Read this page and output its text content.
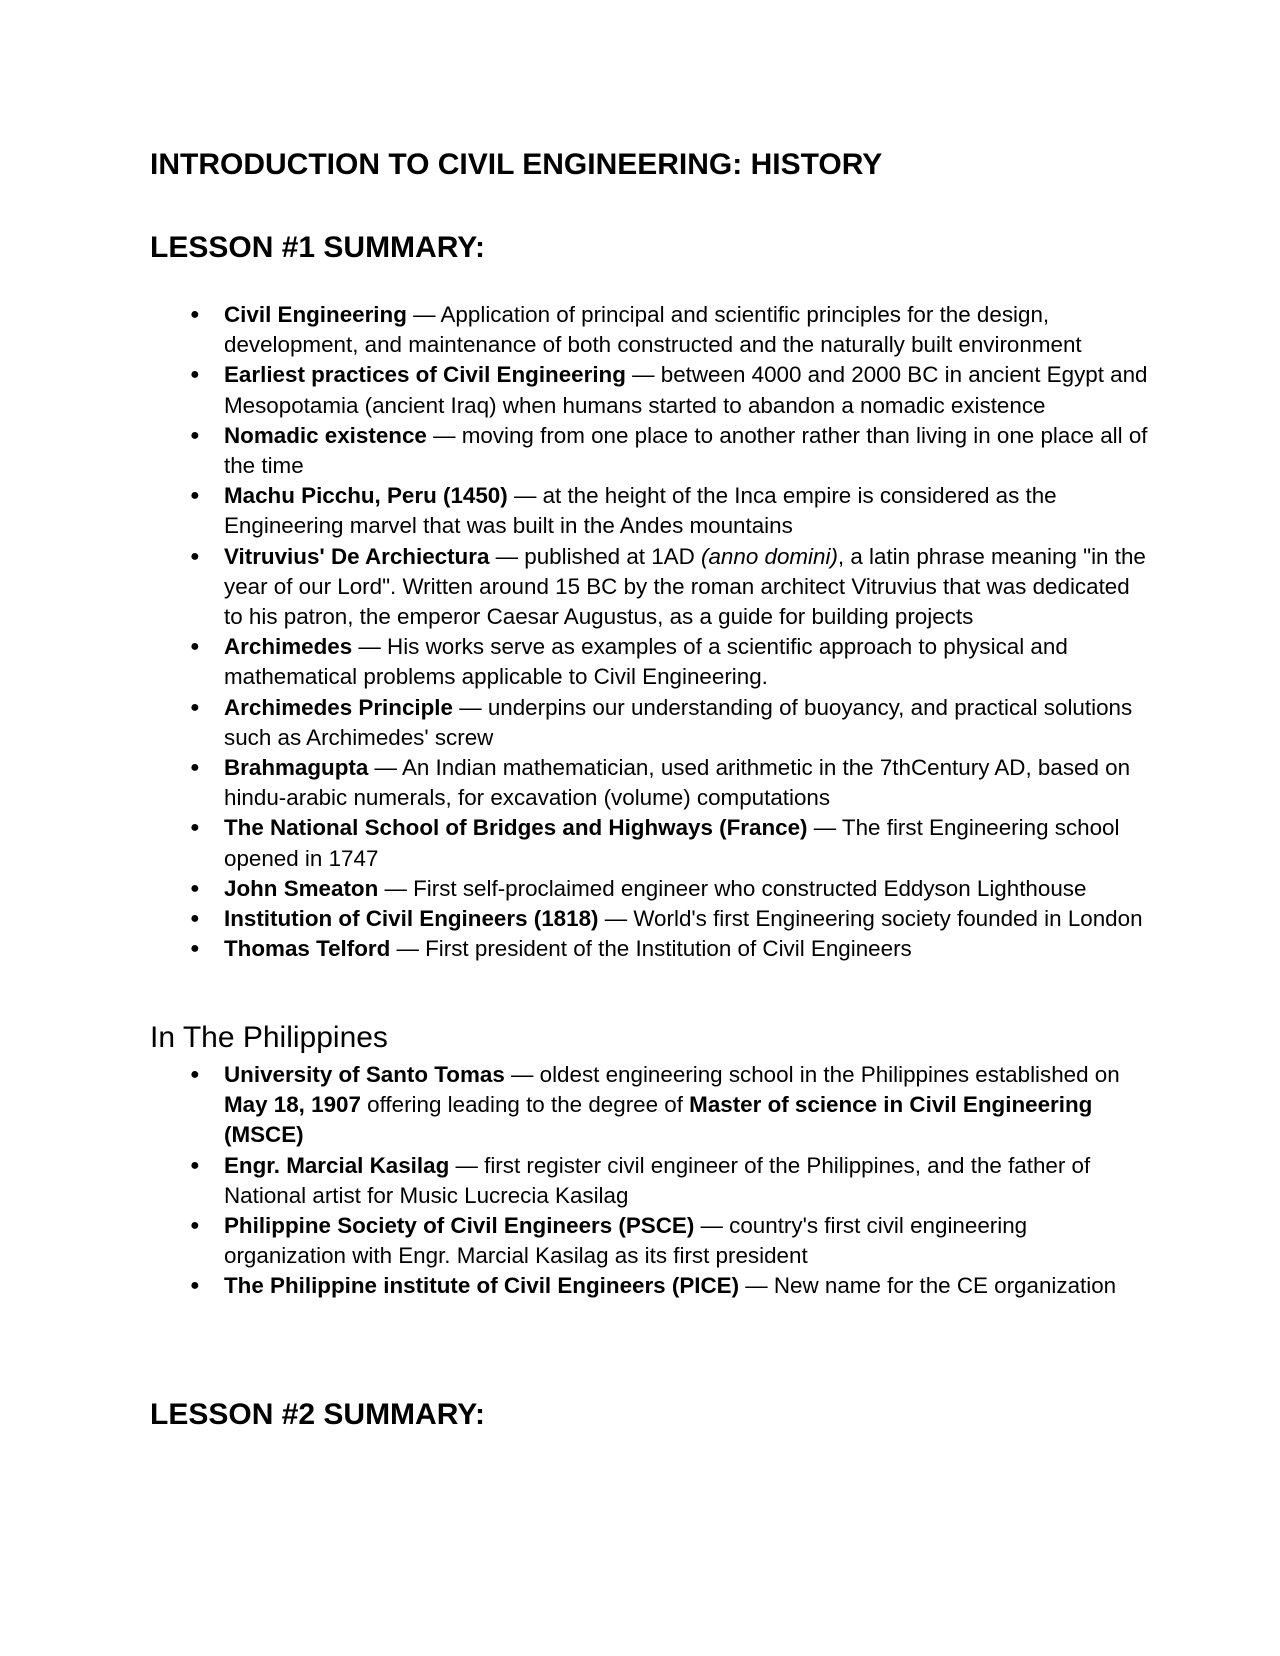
INTRODUCTION TO CIVIL ENGINEERING: HISTORY
LESSON #1 SUMMARY:
● Civil Engineering — Application of principal and scientific principles for the design, development, and maintenance of both constructed and the naturally built environment
● Earliest practices of Civil Engineering — between 4000 and 2000 BC in ancient Egypt and Mesopotamia (ancient Iraq) when humans started to abandon a nomadic existence
● Nomadic existence — moving from one place to another rather than living in one place all of the time
● Machu Picchu, Peru (1450) — at the height of the Inca empire is considered as the Engineering marvel that was built in the Andes mountains
● Vitruvius' De Archiectura — published at 1AD (anno domini), a latin phrase meaning "in the year of our Lord". Written around 15 BC by the roman architect Vitruvius that was dedicated to his patron, the emperor Caesar Augustus, as a guide for building projects
● Archimedes — His works serve as examples of a scientific approach to physical and mathematical problems applicable to Civil Engineering.
● Archimedes Principle — underpins our understanding of buoyancy, and practical solutions such as Archimedes' screw
● Brahmagupta — An Indian mathematician, used arithmetic in the 7thCentury AD, based on hindu-arabic numerals, for excavation (volume) computations
● The National School of Bridges and Highways (France) — The first Engineering school opened in 1747
● John Smeaton — First self-proclaimed engineer who constructed Eddyson Lighthouse
● Institution of Civil Engineers (1818) — World's first Engineering society founded in London
● Thomas Telford — First president of the Institution of Civil Engineers
In The Philippines
● University of Santo Tomas — oldest engineering school in the Philippines established on May 18, 1907 offering leading to the degree of Master of science in Civil Engineering (MSCE)
● Engr. Marcial Kasilag — first register civil engineer of the Philippines, and the father of National artist for Music Lucrecia Kasilag
● Philippine Society of Civil Engineers (PSCE) — country's first civil engineering organization with Engr. Marcial Kasilag as its first president
● The Philippine institute of Civil Engineers (PICE) — New name for the CE organization
LESSON #2 SUMMARY:
